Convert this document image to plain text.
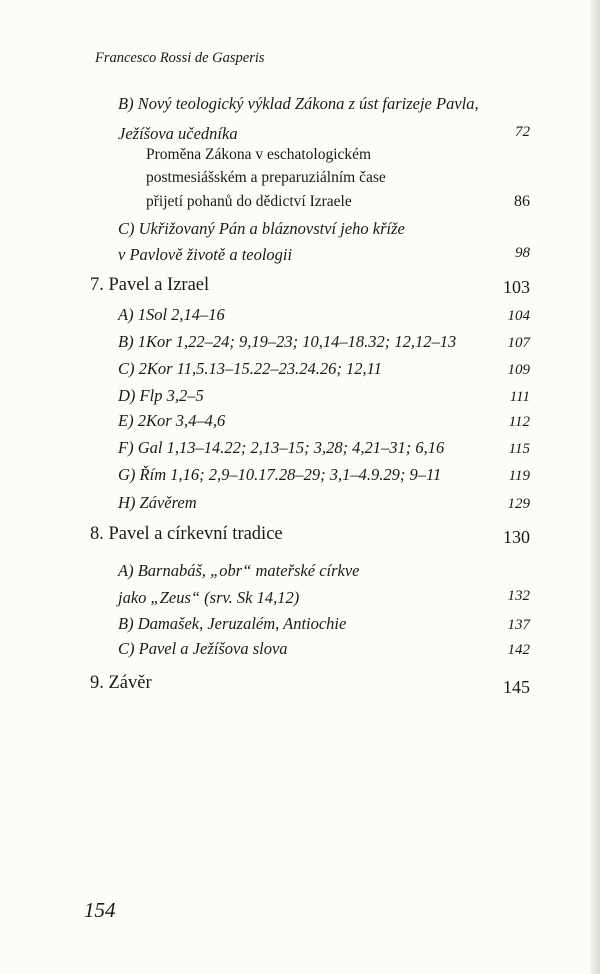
Francesco Rossi de Gasperis
B) Nový teologický výklad Zákona z úst farizeje Pavla,
Ježíšova učedníka	72
Proměna Zákona v eschatologickém
postmesiášském a preparuziálním čase
přijetí pohanů do dědictví Izraele	86
C) Ukřižovaný Pán a bláznovství jeho kříže
v Pavlově životě a teologii	98
7. Pavel a Izrael	103
A) 1Sol 2,14–16	104
B) 1Kor 1,22–24; 9,19–23; 10,14–18.32; 12,12–13	107
C) 2Kor 11,5.13–15.22–23.24.26; 12,11	109
D) Flp 3,2–5	111
E) 2Kor 3,4–4,6	112
F) Gal 1,13–14.22; 2,13–15; 3,28; 4,21–31; 6,16	115
G) Řím 1,16; 2,9–10.17.28–29; 3,1–4.9.29; 9–11	119
H) Závěrem	129
8. Pavel a církevní tradice	130
A) Barnabáš, „obr“ mateřské církve
jako „Zeus“ (srv. Sk 14,12)	132
B) Damašek, Jeruzalém, Antiochie	137
C) Pavel a Ježíšova slova	142
9. Závěr	145
154
